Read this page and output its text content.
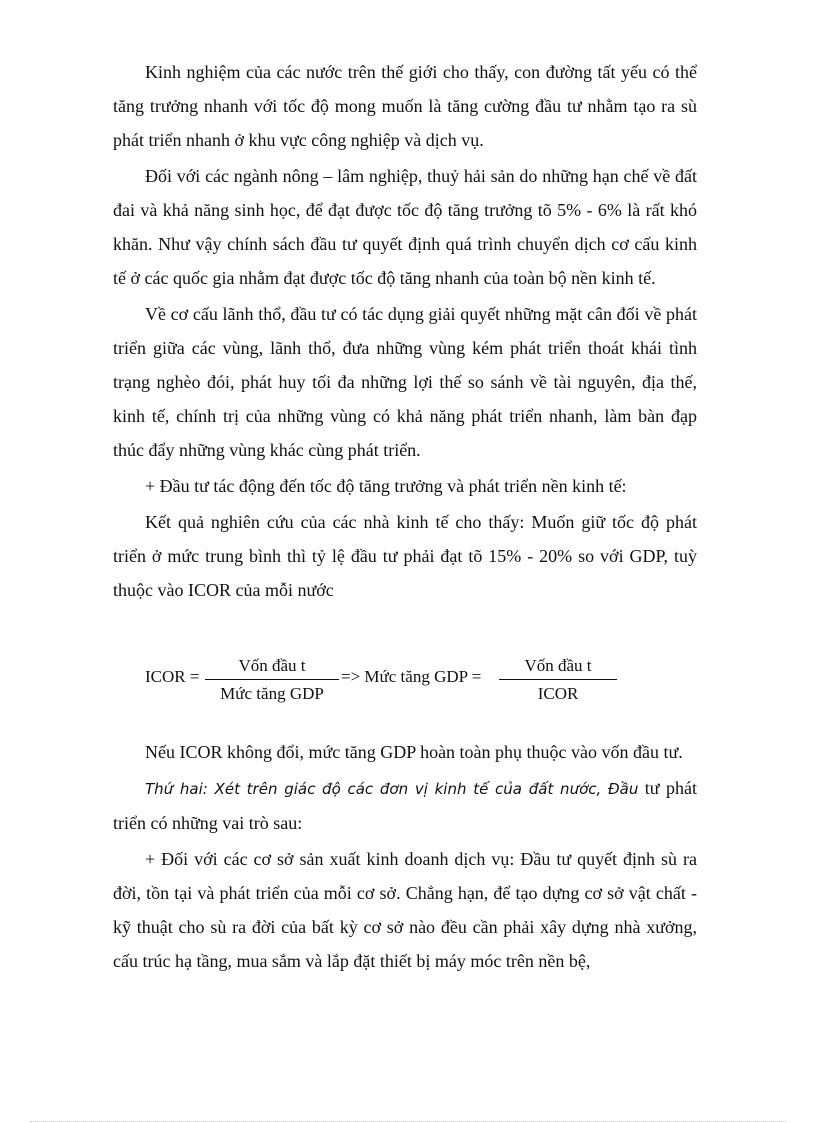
Kinh nghiệm của các nước trên thế giới cho thấy, con đường tất yếu có thể tăng trưởng nhanh với tốc độ mong muốn là tăng cường đầu tư nhằm tạo ra sù phát triển nhanh ở khu vực công nghiệp và dịch vụ.

Đối với các ngành nông – lâm nghiệp, thuỷ hải sản do những hạn chế về đất đai và khả năng sinh học, để đạt được tốc độ tăng trưởng tõ 5% - 6% là rất khó khăn. Như vậy chính sách đầu tư quyết định quá trình chuyển dịch cơ cấu kinh tế ở các quốc gia nhằm đạt được tốc độ tăng nhanh của toàn bộ nền kinh tế.

Về cơ cấu lãnh thổ, đầu tư có tác dụng giải quyết những mặt cân đối về phát triển giữa các vùng, lãnh thổ, đưa những vùng kém phát triển thoát khái tình trạng nghèo đói, phát huy tối đa những lợi thế so sánh về tài nguyên, địa thế, kinh tế, chính trị của những vùng có khả năng phát triển nhanh, làm bàn đạp thúc đẩy những vùng khác cùng phát triển.

+ Đầu tư tác động đến tốc độ tăng trưởng và phát triển nền kinh tế:

Kết quả nghiên cứu của các nhà kinh tế cho thấy: Muốn giữ tốc độ phát triển ở mức trung bình thì tỷ lệ đầu tư phải đạt tõ 15% - 20% so với GDP, tuỳ thuộc vào ICOR của mỗi nước

ICOR =
Vốn đầu t
Mức tăng GDP
=> Mức tăng GDP =
Vốn đầu t
ICOR

Nếu ICOR không đổi, mức tăng GDP hoàn toàn phụ thuộc vào vốn đầu tư.

Thứ hai: Xét trên giác độ các đơn vị kinh tế của đất nước, Đầu tư phát triển có những vai trò sau:

+ Đối với các cơ sở sản xuất kinh doanh dịch vụ: Đầu tư quyết định sù ra đời, tồn tại và phát triển của mỗi cơ sở. Chẳng hạn, để tạo dựng cơ sở vật chất - kỹ thuật cho sù ra đời của bất kỳ cơ sở nào đều cần phải xây dựng nhà xưởng, cấu trúc hạ tầng, mua sắm và lắp đặt thiết bị máy móc trên nền bệ,
